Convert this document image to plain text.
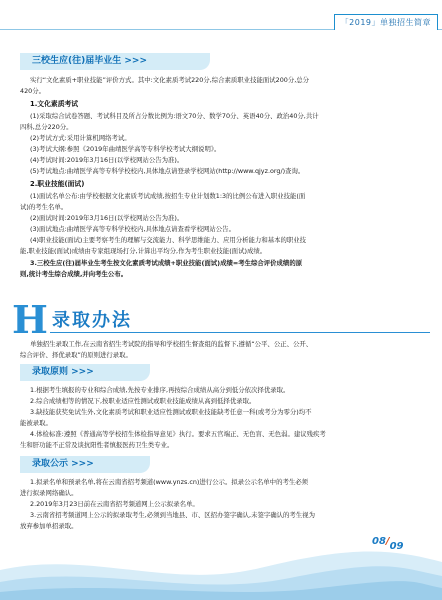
「2019」单独招生简章
三校生应(往)届毕业生 >>>
实行“文化素质+职业技能”评价方式。其中:文化素质考试220分,综合素质职业技能面试200分,总分
420分。
1.文化素质考试
(1)采取综合试卷答题、考试科目及所占分数比例为:语文70分、数学70分、英语40分、政治40分,共计
四科,总分220分。
(2)考试方式:采用计算机网络考试。
(3)考试大纲:参照《2019年曲靖医学高等专科学校考试大纲说明》。
(4)考试时间:2019年3月16日(以学校网站公告为准)。
(5)考试地点:曲靖医学高等专科学校校内,具体地点请登录学校网站(http://www.qjyz.org/)查询。
2.职业技能(面试)
(1)面试名单公布:由学校根据文化素质考试成绩,按招生专业计划数1:3的比例公布进入职业技能(面
试)的考生名单。
(2)面试时间:2019年3月16日(以学校网站公告为准)。
(3)面试地点:曲靖医学高等专科学校校内,具体地点请查看学校网站公告。
(4)职业技能(面试)主要考察考生的理解与交流能力、科学思维能力、应用分析能力和基本的职业技
能,职业技能(面试)成绩由专家组现场打分,计算出平均分,作为考生职业技能(面试)成绩。
3.三校生应(往)届毕业生考生按文化素质考试成绩+职业技能(面试)成绩=考生综合评价成绩的原
则,统计考生综合成绩,并向考生公布。
H 录取办法
单独招生录取工作,在云南省招生考试院的指导和学校招生督查组的监督下,遵循“公平、公正、公开、
综合评价、择优录取”的原则进行录取。
录取原则 >>>
1.根据考生填报的专业和综合成绩,先按专业排序,再按综合成绩从高分到低分依次择优录取。
2.综合成绩相等的情况下,按职业适应性测试或职业技能成绩从高到低择优录取。
3.缺技能获奖免试生外,文化素质考试和职业适应性测试或职业技能缺考任意一科(或考分为零分)均不
能被录取。
4.体检标准:遵照《普通高等学校招生体检指导意见》执行。要求五官端正、无色盲、无色弱。建议残疾考
生和肝功能不正常及谈抗阳性者慎报医药卫生类专业。
录取公示 >>>
1.拟录名单和预录名单,将在云南省招考频道(www.ynzs.cn)进行公示。拟录公示名单中的考生必须
进行拟录网络确认。
2.2019年3月23日前在云南省招考频道网上公示拟录名单。
3.云南省招考频道网上公示的拟录取考生,必须到当地县、市、区招办签字确认,未签字确认的考生视为
放弃参加单招录取。
08/09
